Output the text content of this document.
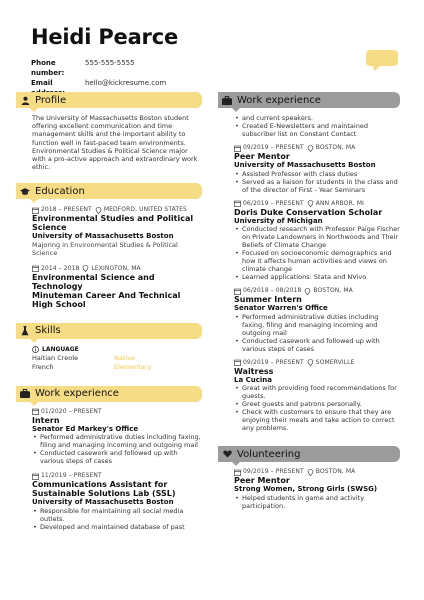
Heidi Pearce
Phone number:
555-555-5555
Email	hello@kickresume.com
Profile
The University of Massachusetts Boston student offering excellent communication and time management skills and the important ability to function well in fast-paced team environments. Environmental Studies & Political Science major with a pro-active approach and extraordinary work ethic.
Education
2018 – PRESENT MEDFORD, UNITED STATES
Environmental Studies and Political Science
University of Massachusetts Boston
Majoring in Environmental Studies & Political Science
2014 – 2018 LEXINGTON, MA
Environmental Science and Technology
Minuteman Career And Technical High School
Skills
LANGUAGE
Haitian Creole	Native
French	Elementary
Work experience
01/2020 – PRESENT
Intern
Senator Ed Markey's Office
• Performed administrative duties including faxing, filing and managing incoming and outgoing mail
• Conducted casework and followed up with various steps of cases
11/2019 – PRESENT
Communications Assistant for Sustainable Solutions Lab (SSL)
University of Massachusetts Boston
• Responsible for maintaining all social media outlets.
• Developed and maintained database of past
Work experience
• and current speakers.
• Created E-Newsletters and maintained subscriber list on Constant Contact
09/2019 – PRESENT BOSTON, MA
Peer Mentor
University of Massachusetts Boston
• Assisted Professor with class duties
• Served as a liaison for students in the class and of the director of First - Year Seminars
06/2019 – PRESENT ANN ARBOR, MI
Doris Duke Conservation Scholar
University of Michigan
• Conducted research with Professor Paige Fischer on Private Landowners in Northwoods and Their Beliefs of Climate Change
• Focused on socioeconomic demographics and how it affects human activities and views on climate change
• Learned applications: Stata and NVivo
06/2018 – 08/2018 BOSTON, MA
Summer Intern
Senator Warren's Office
• Performed administrative duties including faxing, filing and managing incoming and outgoing mail
• Conducted casework and followed up with various steps of cases
09/2019 – PRESENT SOMERVILLE
Waitress
La Cucina
• Great with providing food recommendations for guests.
• Greet guests and patrons personally.
• Check with customers to ensure that they are enjoying their meals and take action to correct any problems.
Volunteering
09/2019 – PRESENT BOSTON, MA
Peer Mentor
Strong Women, Strong Girls (SWSG)
• Helped students in game and activity participation.
